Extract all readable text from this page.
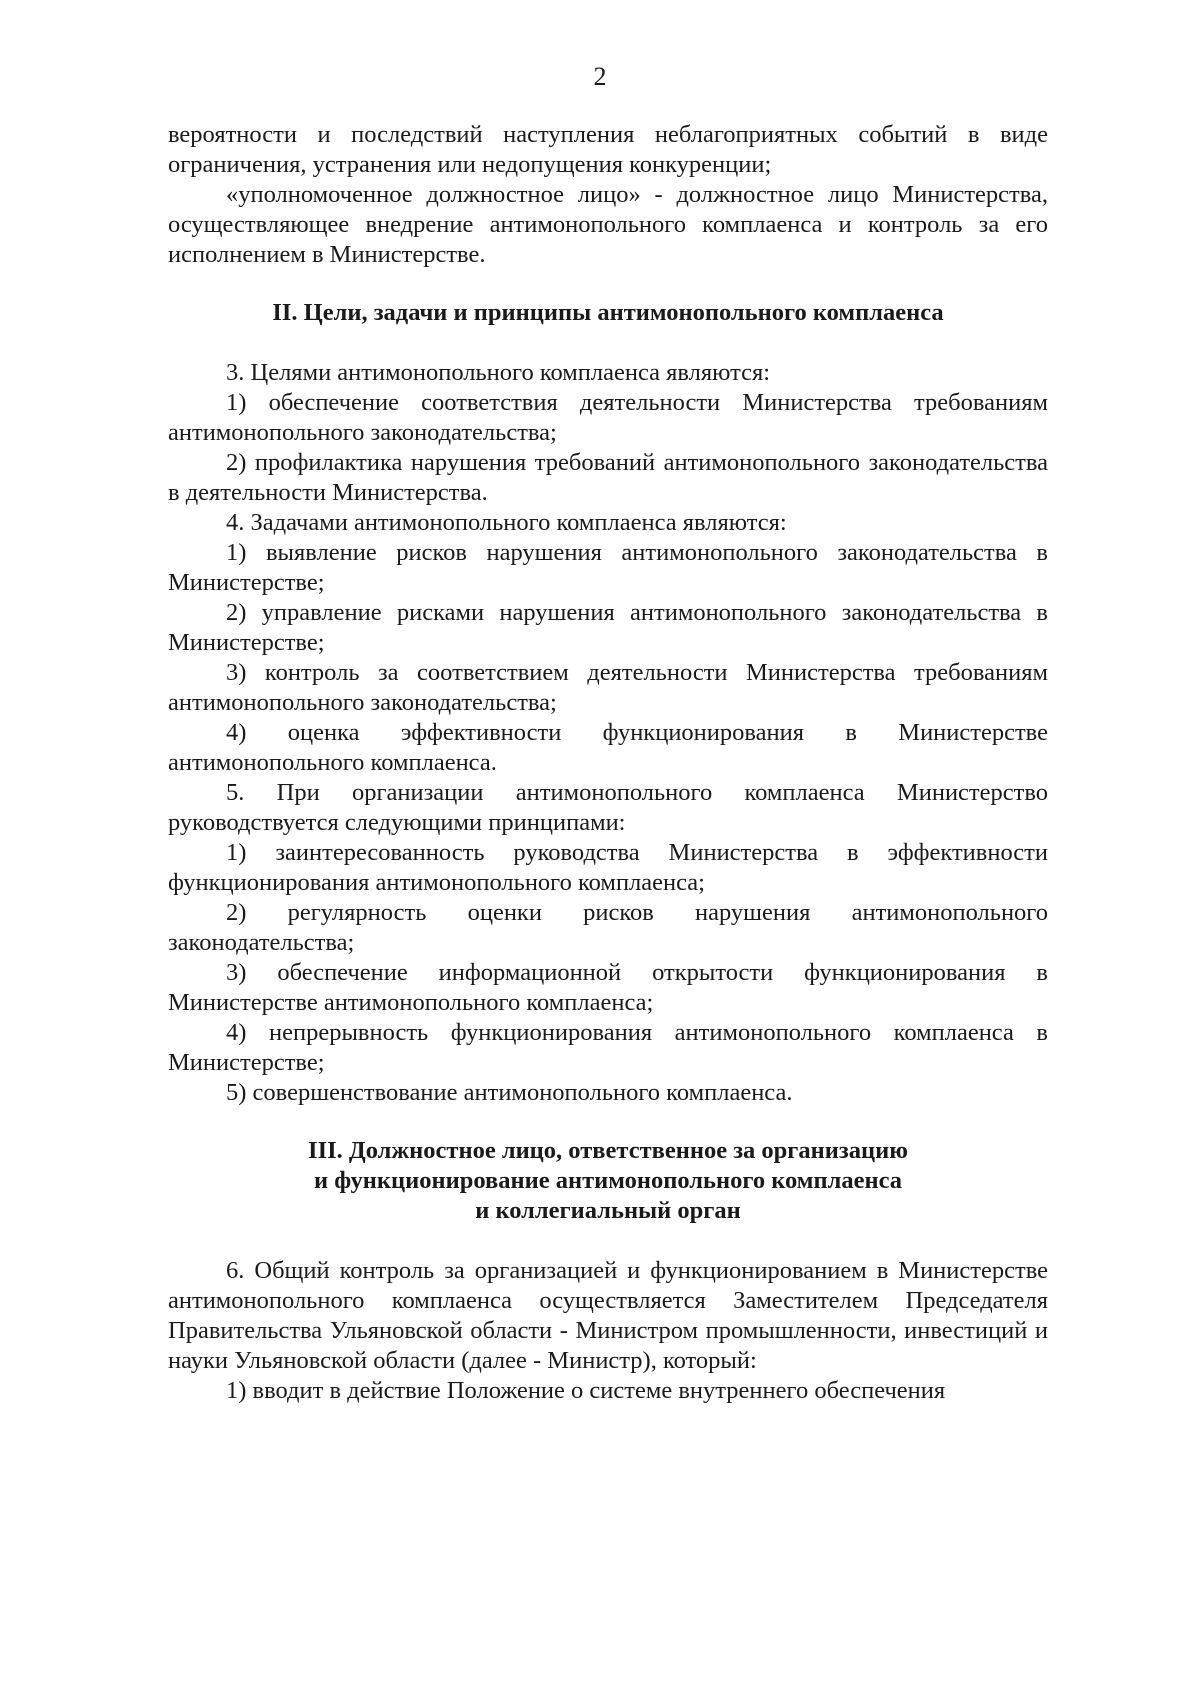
2

вероятности и последствий наступления неблагоприятных событий в виде ограничения, устранения или недопущения конкуренции;

«уполномоченное должностное лицо» - должностное лицо Министерства, осуществляющее внедрение антимонопольного комплаенса и контроль за его исполнением в Министерстве.

II. Цели, задачи и принципы антимонопольного комплаенса

3. Целями антимонопольного комплаенса являются:

1) обеспечение соответствия деятельности Министерства требованиям антимонопольного законодательства;

2) профилактика нарушения требований антимонопольного законодательства в деятельности Министерства.

4. Задачами антимонопольного комплаенса являются:

1) выявление рисков нарушения антимонопольного законодательства в Министерстве;

2) управление рисками нарушения антимонопольного законодательства в Министерстве;

3) контроль за соответствием деятельности Министерства требованиям антимонопольного законодательства;

4) оценка эффективности функционирования в Министерстве антимонопольного комплаенса.

5. При организации антимонопольного комплаенса Министерство руководствуется следующими принципами:

1) заинтересованность руководства Министерства в эффективности функционирования антимонопольного комплаенса;

2) регулярность оценки рисков нарушения антимонопольного законодательства;

3) обеспечение информационной открытости функционирования в Министерстве антимонопольного комплаенса;

4) непрерывность функционирования антимонопольного комплаенса в Министерстве;

5) совершенствование антимонопольного комплаенса.

III. Должностное лицо, ответственное за организацию
и функционирование антимонопольного комплаенса
и коллегиальный орган

6. Общий контроль за организацией и функционированием в Министерстве антимонопольного комплаенса осуществляется Заместителем Председателя Правительства Ульяновской области - Министром промышленности, инвестиций и науки Ульяновской области (далее - Министр), который:

1) вводит в действие Положение о системе внутреннего обеспечения
